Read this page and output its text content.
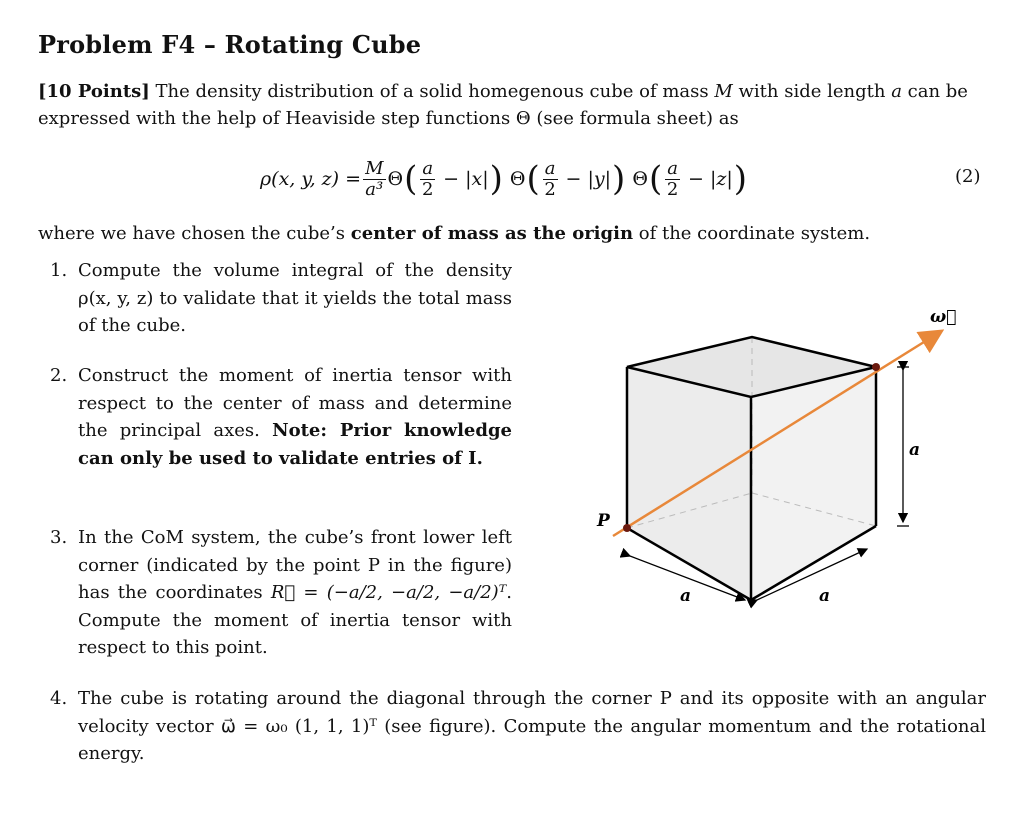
Problem F4 – Rotating Cube
[10 Points] The density distribution of a solid homegenous cube of mass M with side length a can be expressed with the help of Heaviside step functions Θ (see formula sheet) as
ρ(x, y, $z) = \frac{M}{\text{a³}}$ Θ ( $\frac{a}{2} - |x|$ )
Θ ( $\frac{a}{2} - |y|$ )
Θ ( $\frac{a}{2} - |z|$ )	(2)
where we have chosen the cube’s center of mass as the origin of the coordinate system.
1. Compute the volume integral of the density ρ(x, y, z) to validate that it yields the total mass of the cube.
2. Construct the moment of inertia tensor with respect to the center of mass and determine the principal axes. Note: Prior knowledge can only be used to validate entries of I.
3. In the CoM system, the cube’s front lower left corner (indicated by the point P in the figure) has the coordinates R⃗ = (−a/2, −a/2, −a/2)ᵀ. Compute the moment of inertia tensor with respect to this point.
4. The cube is rotating around the diagonal through the corner P and its opposite with an angular velocity vector ω⃗ = ω₀ (1, 1, 1)ᵀ (see figure). Compute the angular momentum and the rotational energy.
P
ω⃗
a
a	a
